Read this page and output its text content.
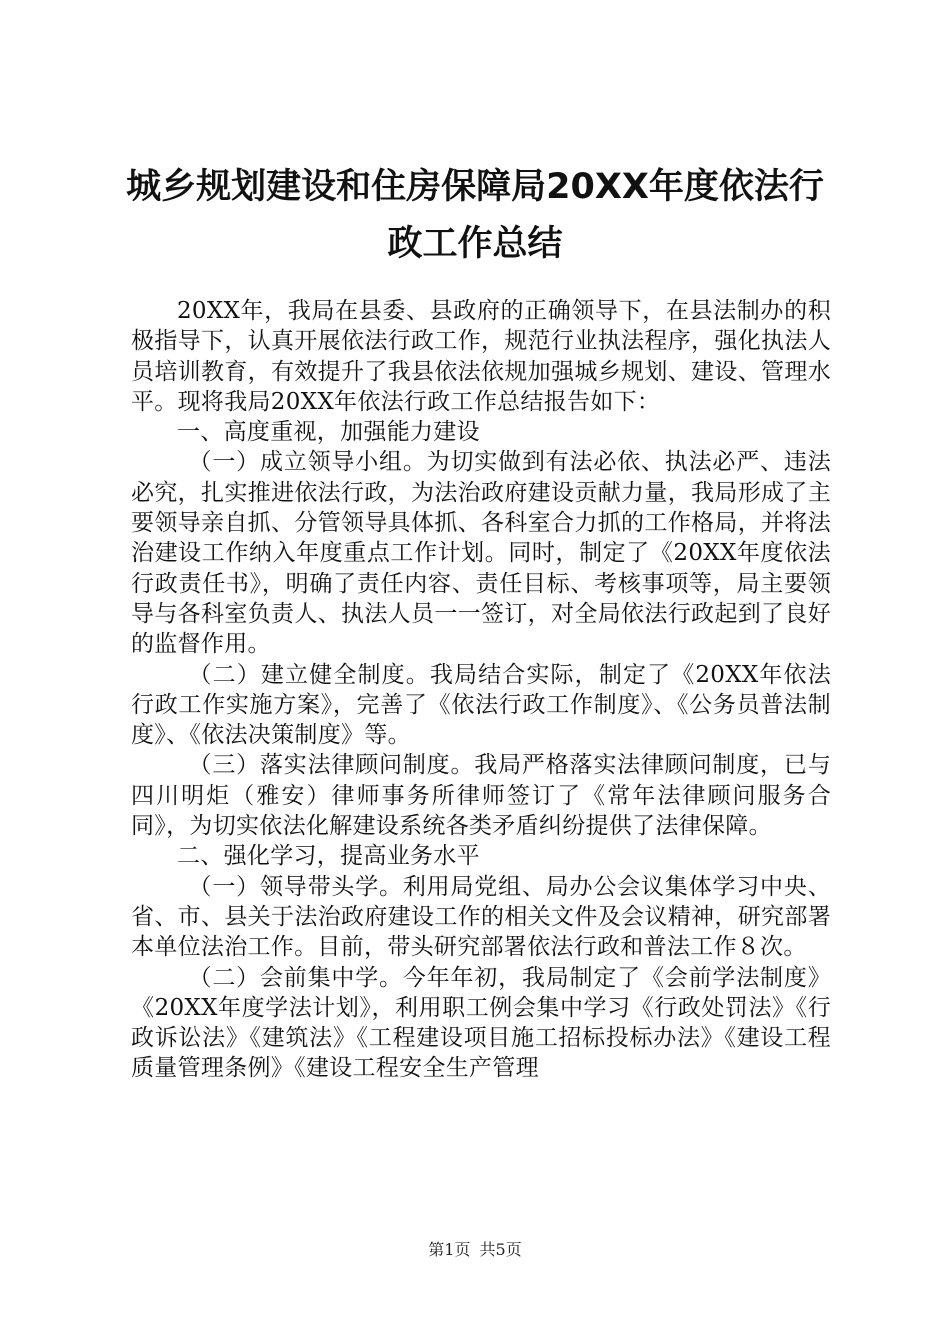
城乡规划建设和住房保障局20XX年度依法行
政工作总结

20XX年，我局在县委、县政府的正确领导下，在县法制办的积极指导下，认真开展依法行政工作，规范行业执法程序，强化执法人员培训教育，有效提升了我县依法依规加强城乡规划、建设、管理水平。现将我局20XX年依法行政工作总结报告如下：

一、高度重视，加强能力建设

（一）成立领导小组。为切实做到有法必依、执法必严、违法必究，扎实推进依法行政，为法治政府建设贡献力量，我局形成了主要领导亲自抓、分管领导具体抓、各科室合力抓的工作格局，并将法治建设工作纳入年度重点工作计划。同时，制定了《20XX年度依法行政责任书》，明确了责任内容、责任目标、考核事项等，局主要领导与各科室负责人、执法人员一一签订，对全局依法行政起到了良好的监督作用。

（二）建立健全制度。我局结合实际，制定了《20XX年依法行政工作实施方案》，完善了《依法行政工作制度》、《公务员普法制度》、《依法决策制度》等。

（三）落实法律顾问制度。我局严格落实法律顾问制度，已与四川明炬（雅安）律师事务所律师签订了《常年法律顾问服务合同》，为切实依法化解建设系统各类矛盾纠纷提供了法律保障。

二、强化学习，提高业务水平

（一）领导带头学。利用局党组、局办公会议集体学习中央、省、市、县关于法治政府建设工作的相关文件及会议精神，研究部署本单位法治工作。目前，带头研究部署依法行政和普法工作８次。

（二）会前集中学。今年年初，我局制定了《会前学法制度》《20XX年度学法计划》，利用职工例会集中学习《行政处罚法》《行政诉讼法》《建筑法》《工程建设项目施工招标投标办法》《建设工程质量管理条例》《建设工程安全生产管理

第1页 共5页
